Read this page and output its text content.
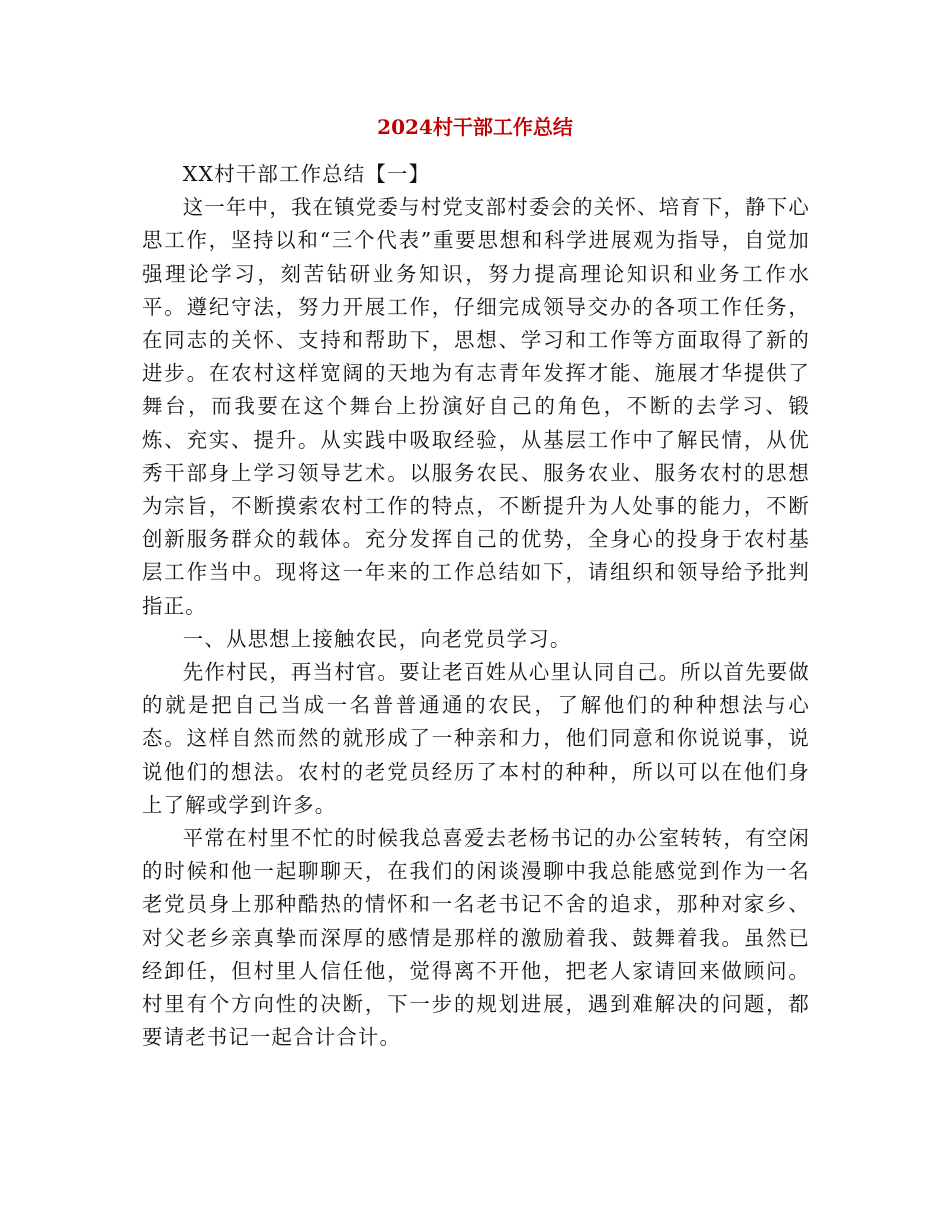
2024村干部工作总结

XX村干部工作总结【一】

这一年中，我在镇党委与村党支部村委会的关怀、培育下，静下心思工作，坚持以和“三个代表”重要思想和科学进展观为指导，自觉加强理论学习，刻苦钻研业务知识，努力提高理论知识和业务工作水平。遵纪守法，努力开展工作，仔细完成领导交办的各项工作任务，在同志的关怀、支持和帮助下，思想、学习和工作等方面取得了新的进步。在农村这样宽阔的天地为有志青年发挥才能、施展才华提供了舞台，而我要在这个舞台上扮演好自己的角色，不断的去学习、锻炼、充实、提升。从实践中吸取经验，从基层工作中了解民情，从优秀干部身上学习领导艺术。以服务农民、服务农业、服务农村的思想为宗旨，不断摸索农村工作的特点，不断提升为人处事的能力，不断创新服务群众的载体。充分发挥自己的优势，全身心的投身于农村基层工作当中。现将这一年来的工作总结如下，请组织和领导给予批判指正。

一、从思想上接触农民，向老党员学习。

先作村民，再当村官。要让老百姓从心里认同自己。所以首先要做的就是把自己当成一名普普通通的农民，了解他们的种种想法与心态。这样自然而然的就形成了一种亲和力，他们同意和你说说事，说说他们的想法。农村的老党员经历了本村的种种，所以可以在他们身上了解或学到许多。

平常在村里不忙的时候我总喜爱去老杨书记的办公室转转，有空闲的时候和他一起聊聊天，在我们的闲谈漫聊中我总能感觉到作为一名老党员身上那种酷热的情怀和一名老书记不舍的追求，那种对家乡、对父老乡亲真挚而深厚的感情是那样的激励着我、鼓舞着我。虽然已经卸任，但村里人信任他，觉得离不开他，把老人家请回来做顾问。村里有个方向性的决断，下一步的规划进展，遇到难解决的问题，都要请老书记一起合计合计。
